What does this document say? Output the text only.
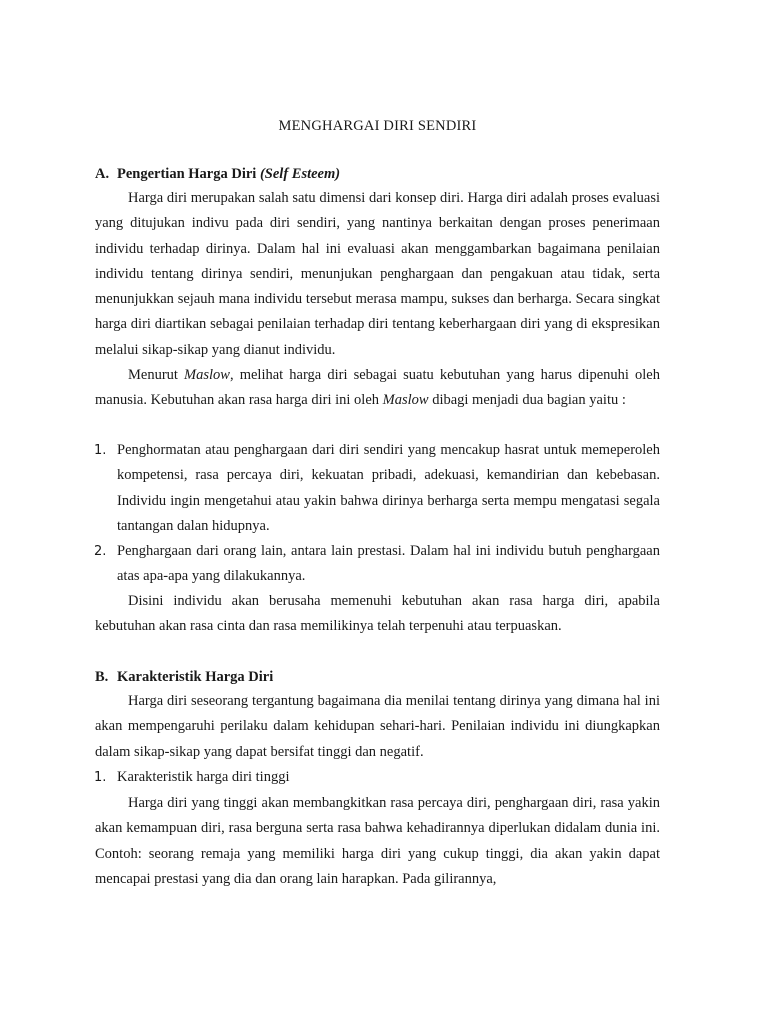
MENGHARGAI DIRI SENDIRI
A. Pengertian Harga Diri (Self Esteem)

Harga diri merupakan salah satu dimensi dari konsep diri. Harga diri adalah proses evaluasi yang ditujukan indivu pada diri sendiri, yang nantinya berkaitan dengan proses penerimaan individu terhadap dirinya. Dalam hal ini evaluasi akan menggambarkan bagaimana penilaian individu tentang dirinya sendiri, menunjukan penghargaan dan pengakuan atau tidak, serta menunjukkan sejauh mana individu tersebut merasa mampu, sukses dan berharga. Secara singkat harga diri diartikan sebagai penilaian terhadap diri tentang keberhargaan diri yang di ekspresikan melalui sikap-sikap yang dianut individu.

Menurut Maslow, melihat harga diri sebagai suatu kebutuhan yang harus dipenuhi oleh manusia. Kebutuhan akan rasa harga diri ini oleh Maslow dibagi menjadi dua bagian yaitu :

1. Penghormatan atau penghargaan dari diri sendiri yang mencakup hasrat untuk memeperoleh kompetensi, rasa percaya diri, kekuatan pribadi, adekuasi, kemandirian dan kebebasan. Individu ingin mengetahui atau yakin bahwa dirinya berharga serta mempu mengatasi segala tantangan dalan hidupnya.
2. Penghargaan dari orang lain, antara lain prestasi. Dalam hal ini individu butuh penghargaan atas apa-apa yang dilakukannya.

Disini individu akan berusaha memenuhi kebutuhan akan rasa harga diri, apabila kebutuhan akan rasa cinta dan rasa memilikinya telah terpenuhi atau terpuaskan.

B. Karakteristik Harga Diri

Harga diri seseorang tergantung bagaimana dia menilai tentang dirinya yang dimana hal ini akan mempengaruhi perilaku dalam kehidupan sehari-hari. Penilaian individu ini diungkapkan dalam sikap-sikap yang dapat bersifat tinggi dan negatif.

1. Karakteristik harga diri tinggi

Harga diri yang tinggi akan membangkitkan rasa percaya diri, penghargaan diri, rasa yakin akan kemampuan diri, rasa berguna serta rasa bahwa kehadirannya diperlukan didalam dunia ini. Contoh: seorang remaja yang memiliki harga diri yang cukup tinggi, dia akan yakin dapat mencapai prestasi yang dia dan orang lain harapkan. Pada gilirannya,
